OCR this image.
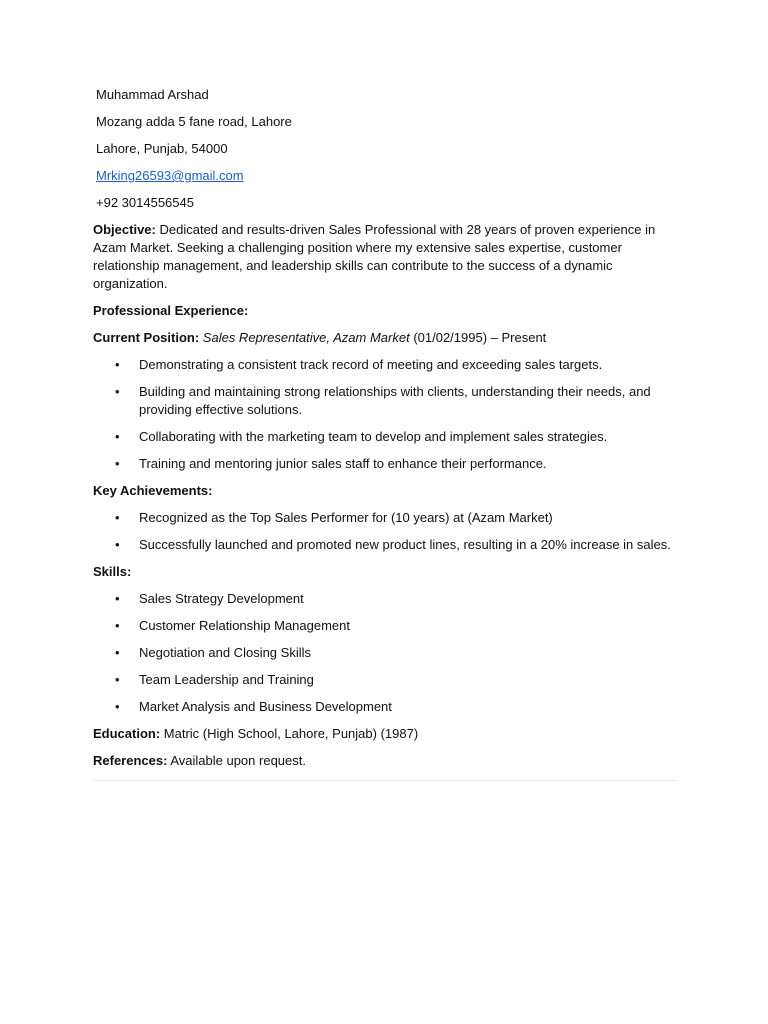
Muhammad Arshad

Mozang adda 5 fane road, Lahore

Lahore, Punjab, 54000

Mrking26593@gmail.com

+92 3014556545

Objective: Dedicated and results-driven Sales Professional with 28 years of proven experience in Azam Market. Seeking a challenging position where my extensive sales expertise, customer relationship management, and leadership skills can contribute to the success of a dynamic organization.

Professional Experience:

Current Position: Sales Representative, Azam Market (01/02/1995) – Present

• Demonstrating a consistent track record of meeting and exceeding sales targets.
• Building and maintaining strong relationships with clients, understanding their needs, and providing effective solutions.
• Collaborating with the marketing team to develop and implement sales strategies.
• Training and mentoring junior sales staff to enhance their performance.

Key Achievements:

• Recognized as the Top Sales Performer for (10 years) at (Azam Market)
• Successfully launched and promoted new product lines, resulting in a 20% increase in sales.

Skills:

• Sales Strategy Development
• Customer Relationship Management
• Negotiation and Closing Skills
• Team Leadership and Training
• Market Analysis and Business Development

Education: Matric (High School, Lahore, Punjab) (1987)

References: Available upon request.
